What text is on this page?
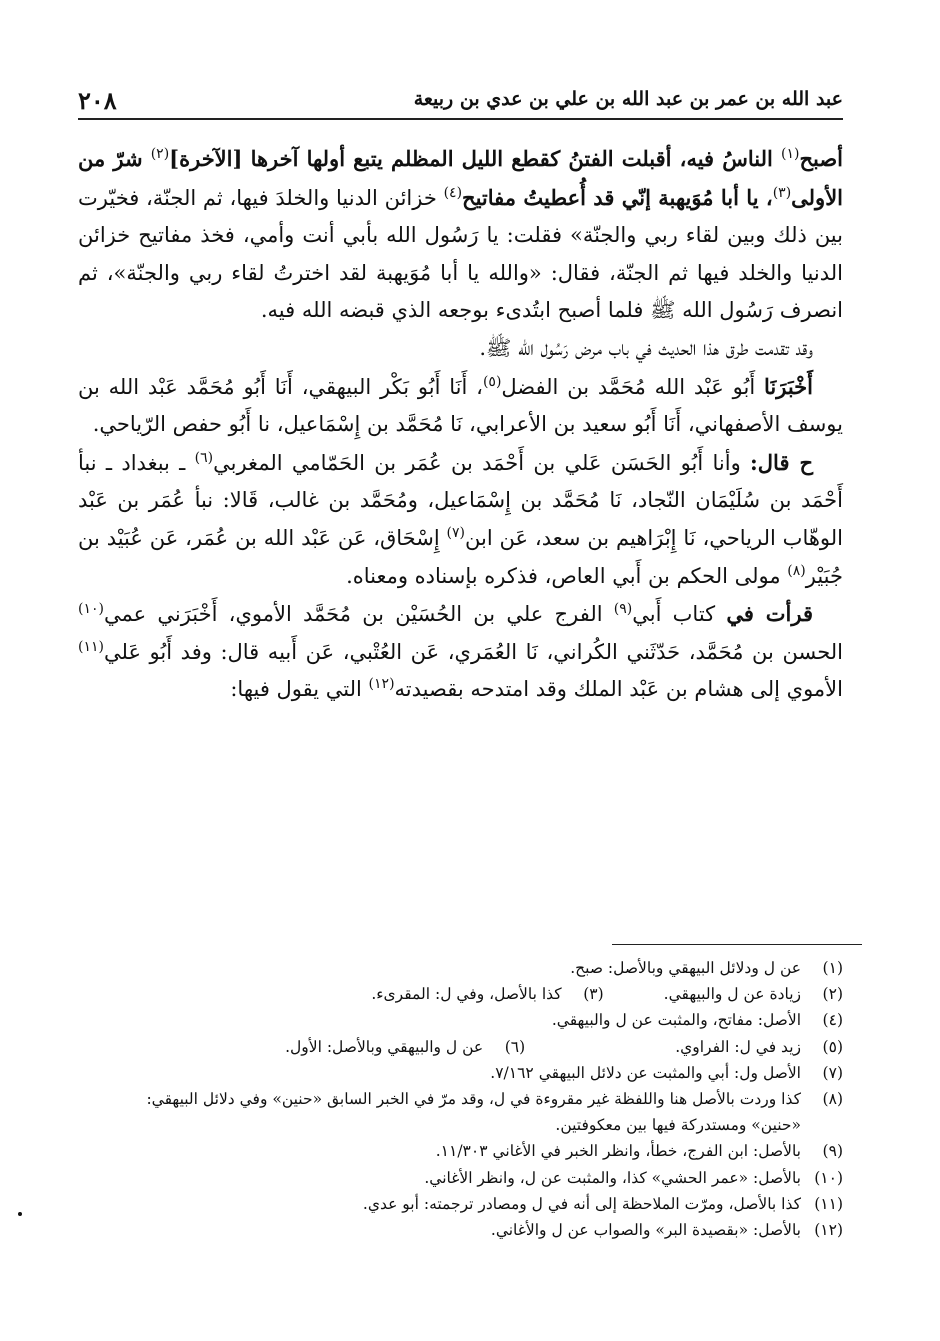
عبد الله بن عمر بن عبد الله بن علي بن عدي بن ربيعة
٢٠٨

أصبح$^{(١)}$ الناسُ فيه، أقبلت الفتنُ كقطع الليل المظلم يتبع أولها آخرها [الآخرة]$^{(٢)}$ شرّ من الأولى$^{(٣)}$، يا أبا مُوَيهبة إنّي قد أُعطيتُ مفاتيح$^{(٤)}$ خزائن الدنيا والخلدَ فيها، ثم الجنّة، فخيّرت بين ذلك وبين لقاء ربي والجنّة» فقلت: يا رَسُول الله بأبي أنت وأمي، فخذ مفاتيح خزائن الدنيا والخلد فيها ثم الجنّة، فقال: «والله يا أبا مُوَيهبة لقد اخترتُ لقاء ربي والجنّة»، ثم انصرف رَسُول الله ﷺ فلما أصبح ابتُدىء بوجعه الذي قبضه الله فيه.

وقد تقدمت طرق هذا الحديث في باب مرض رَسُول الله ﷺ.

أَخْبَرَنَا أَبُو عَبْد الله مُحَمَّد بن الفضل$^{(٥)}$، أَنَا أَبُو بَكْر البيهقي، أَنَا أَبُو مُحَمَّد عَبْد الله بن يوسف الأصفهاني، أَنَا أَبُو سعيد بن الأعرابي، نَا مُحَمَّد بن إِسْمَاعيل، نا أَبُو حفص الرّياحي.

ح قال: وأنا أَبُو الحَسَن عَلي بن أَحْمَد بن عُمَر بن الحَمّامي المغربي$^{(٦)}$ ـ ببغداد ـ نبأ أَحْمَد بن سُلَيْمَان النّجاد، نَا مُحَمَّد بن إِسْمَاعيل، ومُحَمَّد بن غالب، قَالا: نبأ عُمَر بن عَبْد الوهّاب الرياحي، نَا إِبْرَاهيم بن سعد، عَن ابن$^{(٧)}$ إِسْحَاق، عَن عَبْد الله بن عُمَر، عَن عُبَيْد بن جُبَيْر$^{(٨)}$ مولى الحكم بن أَبي العاص، فذكره بإسناده ومعناه.

قرأت في كتاب أَبي$^{(٩)}$ الفرج علي بن الحُسَيْن بن مُحَمَّد الأموي، أَخْبَرَني عمي$^{(١٠)}$ الحسن بن مُحَمَّد، حَدّثَني الكُراني، نَا العُمَري، عَن العُتْبي، عَن أَبيه قال: وفد أَبُو عَلي$^{(١١)}$ الأموي إلى هشام بن عَبْد الملك وقد امتدحه بقصيدته$^{(١٢)}$ التي يقول فيها:

(١)
عن ل ودلائل البيهقي وبالأصل: صبح.
(٢)
زيادة عن ل والبيهقي.
(٣)
كذا بالأصل، وفي ل: المقرىء.
(٤)
الأصل: مفاتح، والمثبت عن ل والبيهقي.
(٥)
زيد في ل: الفراوي.
(٦)
عن ل والبيهقي وبالأصل: الأول.
(٧)
الأصل ول: أبي والمثبت عن دلائل البيهقي ٧/١٦٢.
(٨)
كذا وردت بالأصل هنا واللفظة غير مقروءة في ل، وقد مرّ في الخبر السابق «حنين» وفي دلائل البيهقي:
«حنين» ومستدركة فيها بين معكوفتين.
(٩)
بالأصل: ابن الفرج، خطأ، وانظر الخبر في الأغاني ١١/٣٠٣.
(١٠)
بالأصل: «عمر الحشي» كذا، والمثبت عن ل، وانظر الأغاني.
(١١)
كذا بالأصل، ومرّت الملاحظة إلى أنه في ل ومصادر ترجمته: أبو عدي.
(١٢)
بالأصل: «بقصيدة البر» والصواب عن ل والأغاني.
